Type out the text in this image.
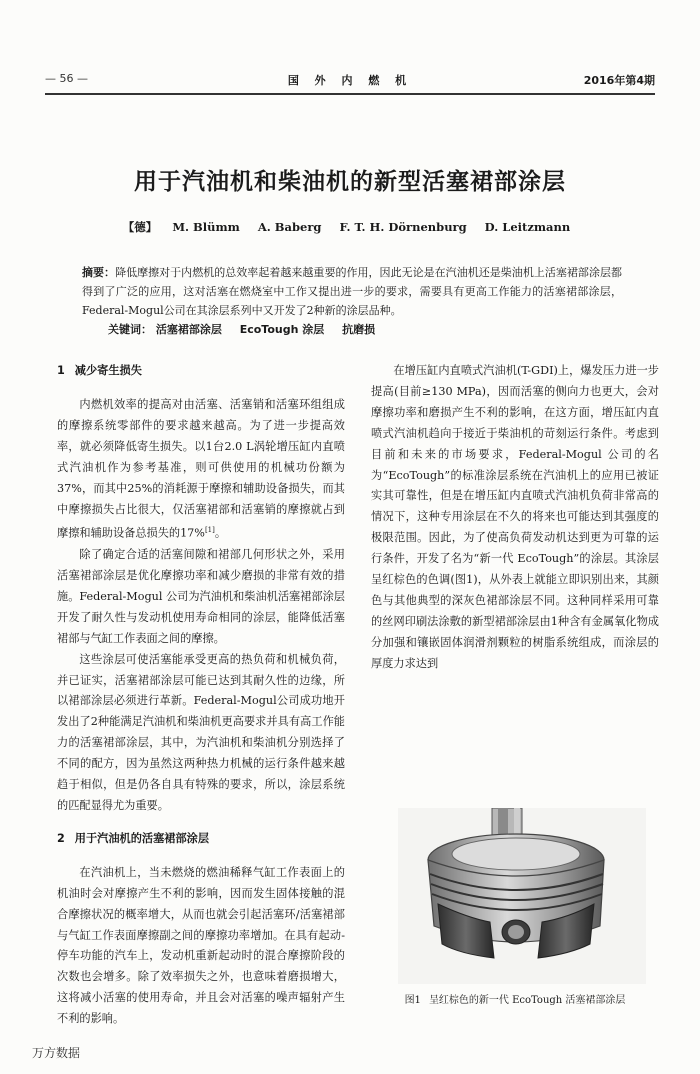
— 56 —	国 外 内 燃 机	2016年第4期
用于汽油机和柴油机的新型活塞裙部涂层
【德】 M. Blümm A. Baberg F. T. H. Dörnenburg D. Leitzmann
摘要：降低摩擦对于内燃机的总效率起着越来越重要的作用，因此无论是在汽油机还是柴油机上活塞裙部涂层都得到了广泛的应用，这对活塞在燃烧室中工作又提出进一步的要求，需要具有更高工作能力的活塞裙部涂层，Federal-Mogul公司在其涂层系列中又开发了2种新的涂层品种。
关键词： 活塞裙部涂层 EcoTough 涂层 抗磨损
1 减少寄生损失

内燃机效率的提高对由活塞、活塞销和活塞环组组成的摩擦系统零部件的要求越来越高。为了进一步提高效率，就必须降低寄生损失。以1台2.0 L涡轮增压缸内直喷式汽油机作为参考基准，则可供使用的机械功份额为37%，而其中25%的消耗源于摩擦和辅助设备损失，而其中摩擦损失占比很大，仅活塞裙部和活塞销的摩擦就占到摩擦和辅助设备总损失的17%[1]。

除了确定合适的活塞间隙和裙部几何形状之外，采用活塞裙部涂层是优化摩擦功率和减少磨损的非常有效的措施。Federal-Mogul 公司为汽油机和柴油机活塞裙部涂层开发了耐久性与发动机使用寿命相同的涂层，能降低活塞裙部与气缸工作表面之间的摩擦。

这些涂层可使活塞能承受更高的热负荷和机械负荷，并已证实，活塞裙部涂层可能已达到其耐久性的边缘，所以裙部涂层必须进行革新。Federal-Mogul公司成功地开发出了2种能满足汽油机和柴油机更高要求并具有高工作能力的活塞裙部涂层，其中，为汽油机和柴油机分别选择了不同的配方，因为虽然这两种热力机械的运行条件越来越趋于相似，但是仍各自具有特殊的要求，所以，涂层系统的匹配显得尤为重要。

2 用于汽油机的活塞裙部涂层

在汽油机上，当未燃烧的燃油稀释气缸工作表面上的机油时会对摩擦产生不利的影响，因而发生固体接触的混合摩擦状况的概率增大，从而也就会引起活塞环/活塞裙部与气缸工作表面摩擦副之间的摩擦功率增加。在具有起动-停车功能的汽车上，发动机重新起动时的混合摩擦阶段的次数也会增多。除了效率损失之外，也意味着磨损增大，这将减小活塞的使用寿命，并且会对活塞的噪声辐射产生不利的影响。

在增压缸内直喷式汽油机(T-GDI)上，爆发压力进一步提高(目前≥130 MPa)，因而活塞的侧向力也更大，会对摩擦功率和磨损产生不利的影响，在这方面，增压缸内直喷式汽油机趋向于接近于柴油机的苛刻运行条件。考虑到目前和未来的市场要求，Federal-Mogul 公司的名为“EcoTough”的标准涂层系统在汽油机上的应用已被证实其可靠性，但是在增压缸内直喷式汽油机负荷非常高的情况下，这种专用涂层在不久的将来也可能达到其强度的极限范围。因此，为了使高负荷发动机达到更为可靠的运行条件，开发了名为“新一代 EcoTough”的涂层。其涂层呈红棕色的色调(图1)，从外表上就能立即识别出来，其颜色与其他典型的深灰色裙部涂层不同。这种同样采用可靠的丝网印刷法涂敷的新型裙部涂层由1种含有金属氧化物成分加强和镶嵌固体润滑剂颗粒的树脂系统组成，而涂层的厚度力求达到

图1 呈红棕色的新一代 EcoTough 活塞裙部涂层
万方数据
